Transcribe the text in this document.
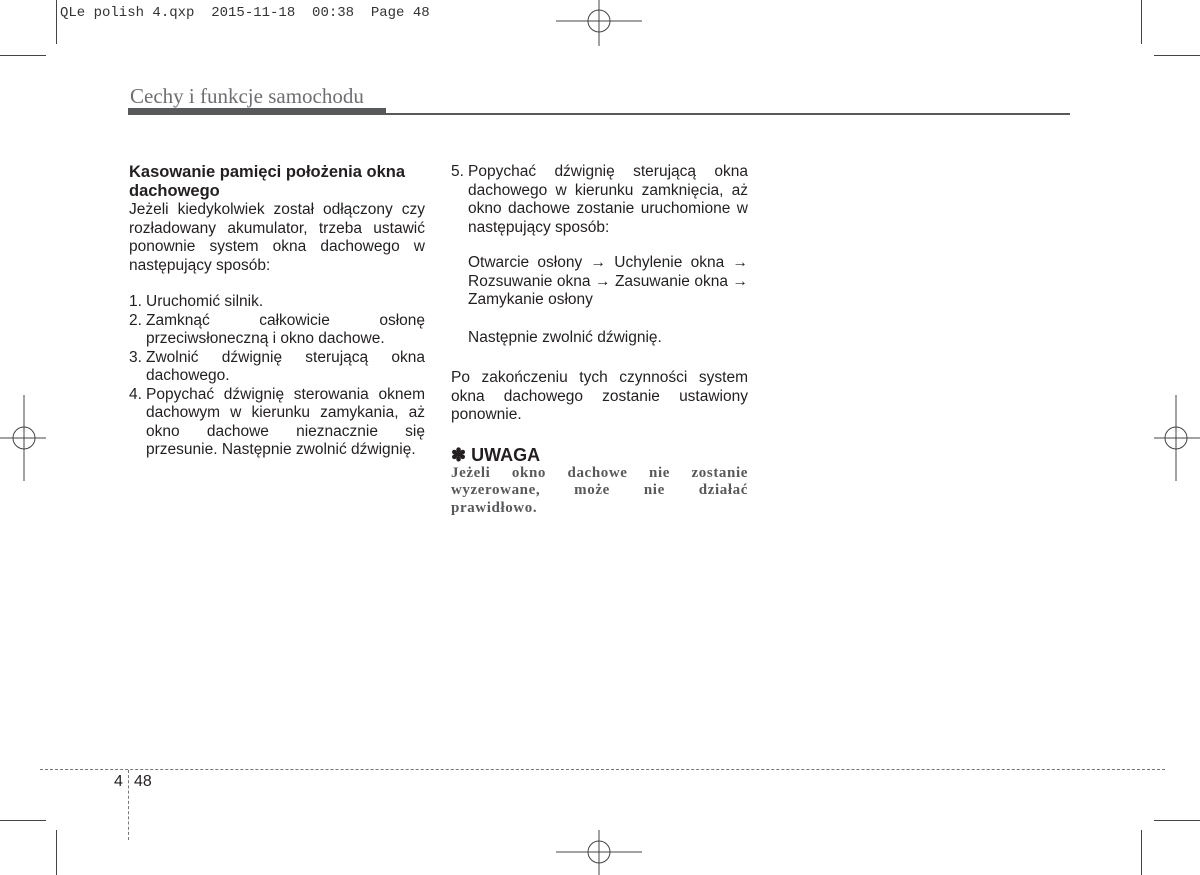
QLe polish 4.qxp  2015-11-18  00:38  Page 48
Cechy i funkcje samochodu

Kasowanie pamięci położenia okna dachowego

Jeżeli kiedykolwiek został odłączony czy rozładowany akumulator, trzeba ustawić ponownie system okna dachowego w następujący sposób:

1. Uruchomić silnik.
2. Zamknąć całkowicie osłonę przeciwsłoneczną i okno dachowe.
3. Zwolnić dźwignię sterującą okna dachowego.
4. Popychać dźwignię sterowania oknem dachowym w kierunku zamykania, aż okno dachowe nieznacznie się przesunie. Następnie zwolnić dźwignię.
5. Popychać dźwignię sterującą okna dachowego w kierunku zamknięcia, aż okno dachowe zostanie uruchomione w następujący sposób:

Otwarcie osłony → Uchylenie okna → Rozsuwanie okna → Zasuwanie okna → Zamykanie osłony

Następnie zwolnić dźwignię.

Po zakończeniu tych czynności system okna dachowego zostanie ustawiony ponownie.

✽ UWAGA

Jeżeli okno dachowe nie zostanie wyzerowane, może nie działać prawidłowo.

4 48
